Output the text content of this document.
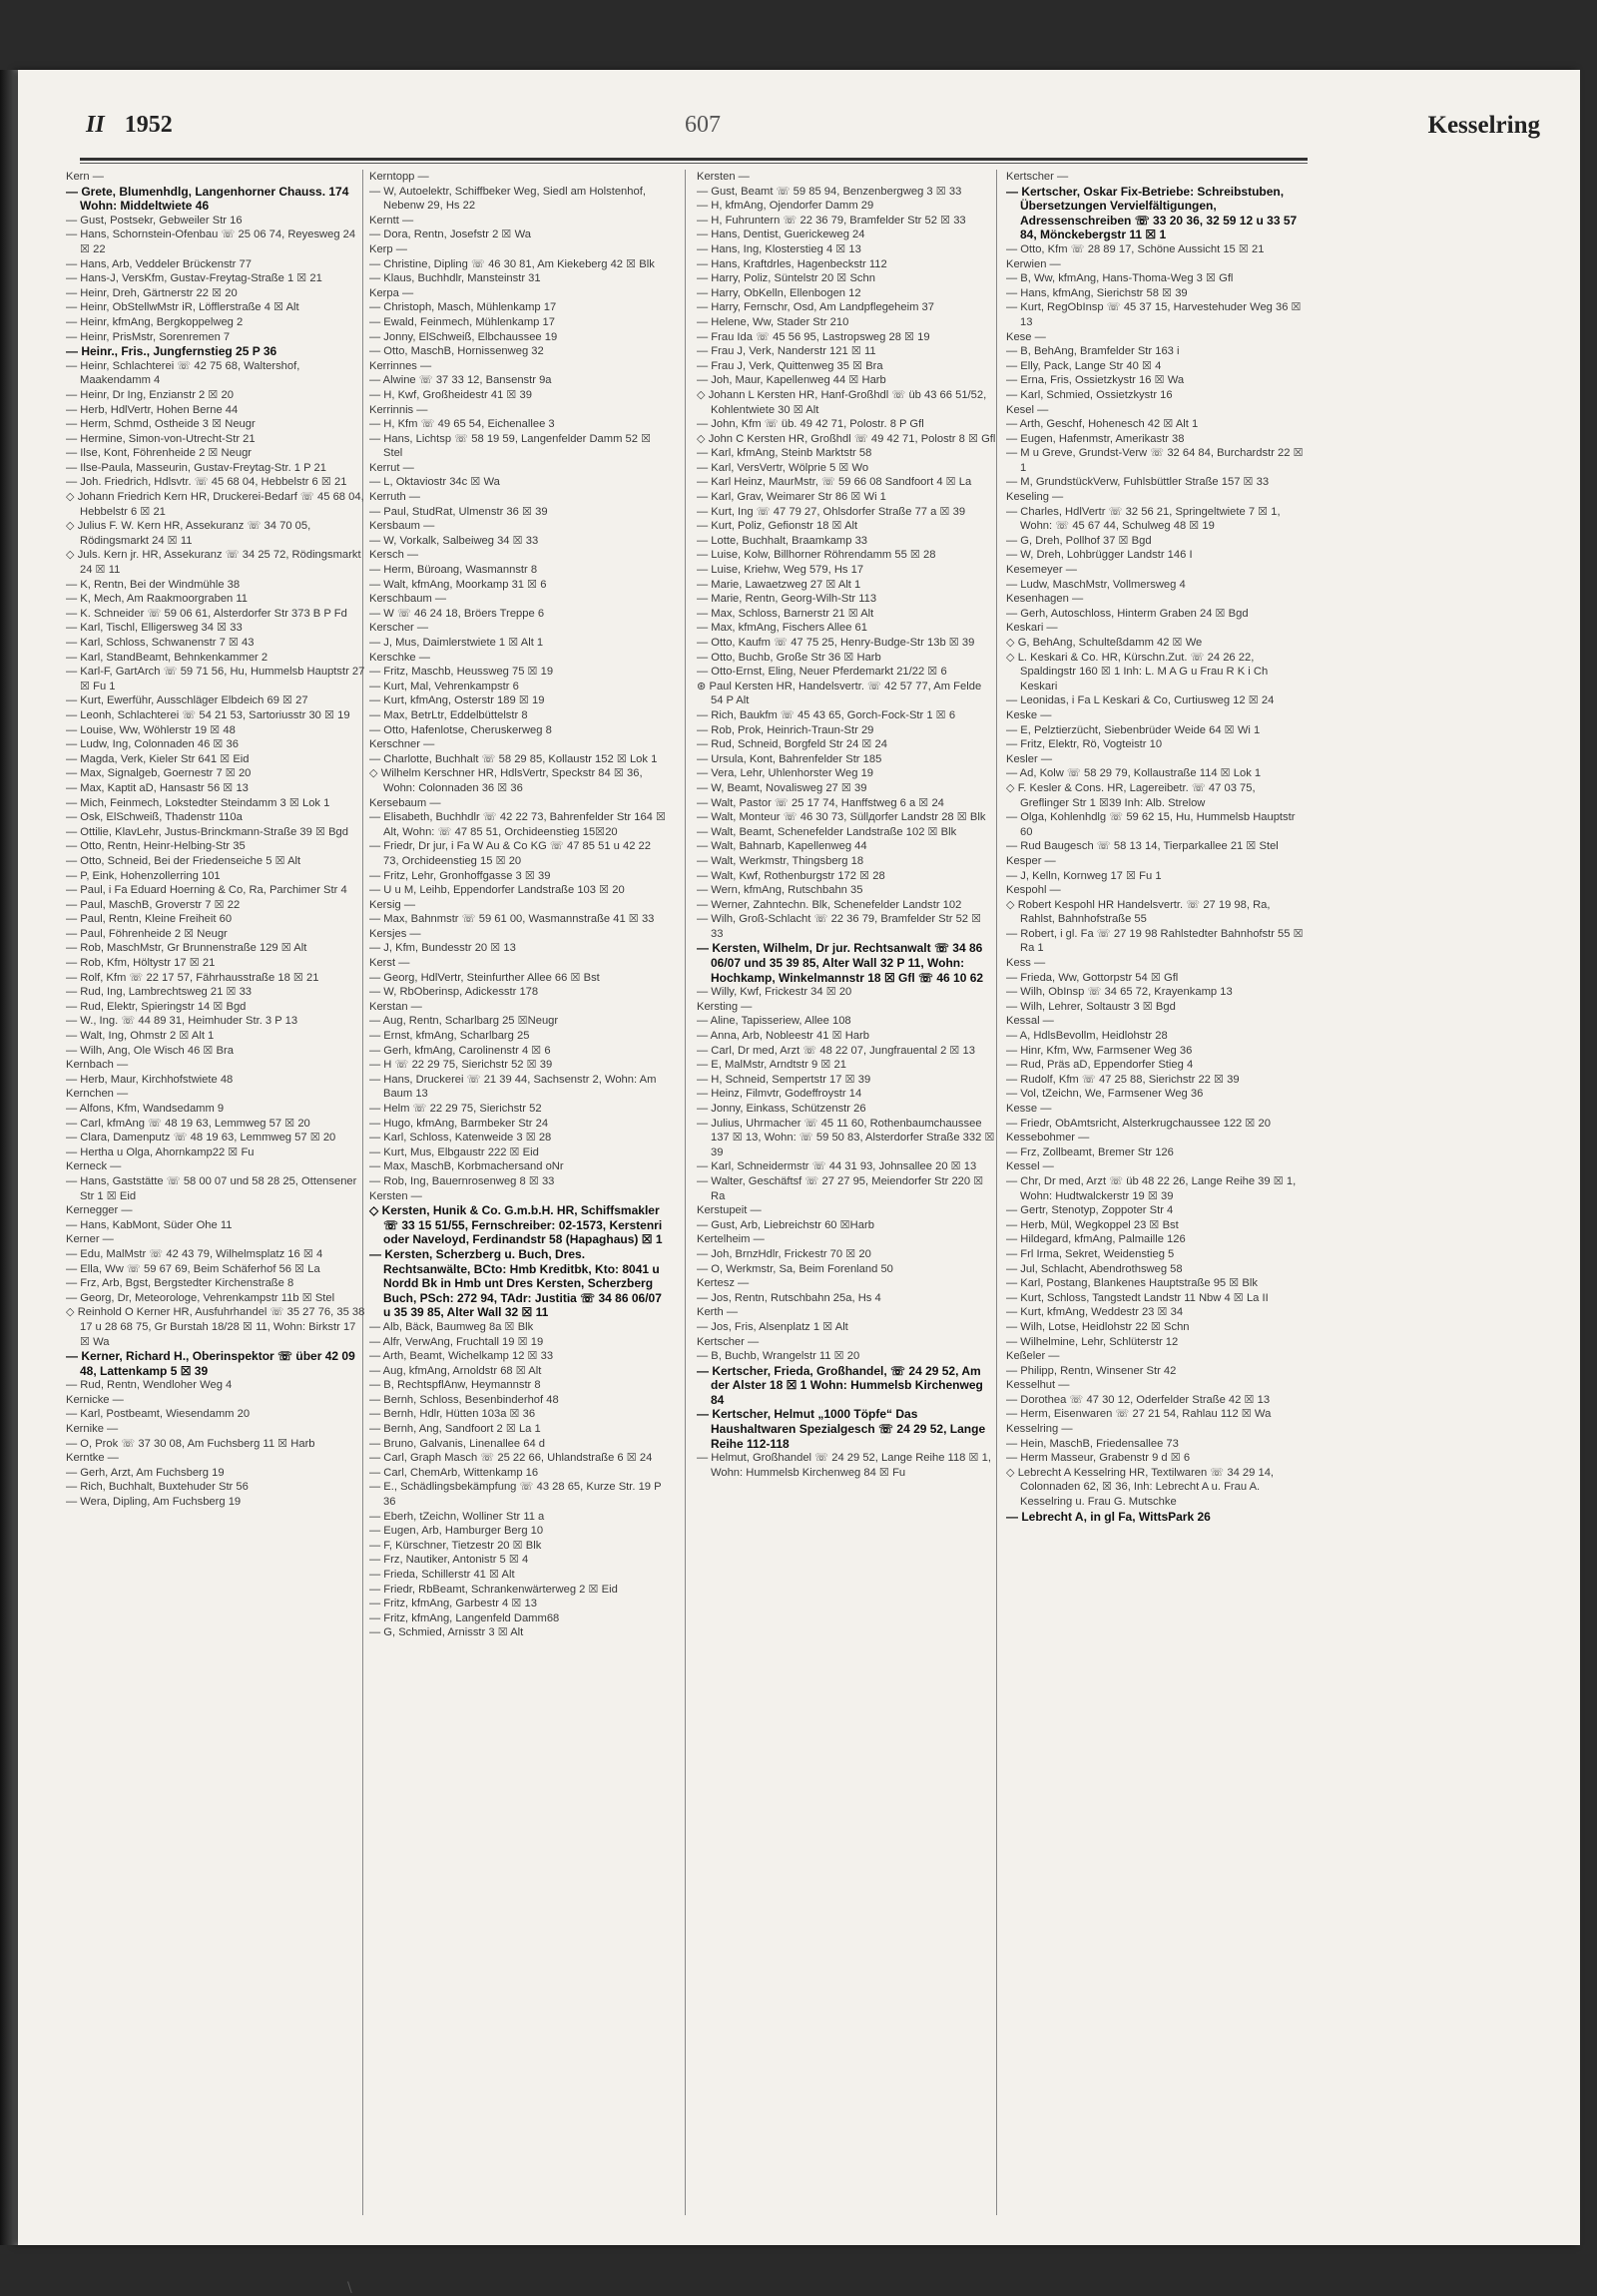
II 1952	607	Kesselring

Kern —

— Grete, Blumenhdlg, Langenhorner Chauss. 174 Wohn: Middeltwiete 46

— Gust, Postsekr, Gebweiler Str 16

— Hans, Schornstein-Ofenbau ☏ 25 06 74, Reyesweg 24 ☒ 22

— Hans, Arb, Veddeler Brückenstr 77

— Hans-J, VersKfm, Gustav-Freytag-Straße 1 ☒ 21

— Heinr, Dreh, Gärtnerstr 22 ☒ 20

— Heinr, ObStellwMstr iR, Löfflerstraße 4 ☒ Alt

— Heinr, kfmAng, Bergkoppelweg 2

— Heinr, PrisMstr, Sorenremen 7

— Heinr., Fris., Jungfernstieg 25 P 36

— Heinr, Schlachterei ☏ 42 75 68, Waltershof, Maakendamm 4

— Heinr, Dr Ing, Enzianstr 2 ☒ 20

— Herb, HdlVertr, Hohen Berne 44

— Herm, Schmd, Ostheide 3 ☒ Neugr

— Hermine, Simon-von-Utrecht-Str 21

— Ilse, Kont, Föhrenheide 2 ☒ Neugr

— Ilse-Paula, Masseurin, Gustav-Freytag-Str. 1 P 21

— Joh. Friedrich, Hdlsvtr. ☏ 45 68 04, Hebbelstr 6 ☒ 21

◇ Johann Friedrich Kern HR, Druckerei-Bedarf ☏ 45 68 04, Hebbelstr 6 ☒ 21

◇ Julius F. W. Kern HR, Assekuranz ☏ 34 70 05, Rödingsmarkt 24 ☒ 11

◇ Juls. Kern jr. HR, Assekuranz ☏ 34 25 72, Rödingsmarkt 24 ☒ 11

— K, Rentn, Bei der Windmühle 38

— K, Mech, Am Raakmoorgraben 11

— K. Schneider ☏ 59 06 61, Alsterdorfer Str 373 B P Fd

— Karl, Tischl, Elligersweg 34 ☒ 33

— Karl, Schloss, Schwanenstr 7 ☒ 43

— Karl, StandBeamt, Behnkenkammer 2

— Karl-F, GartArch ☏ 59 71 56, Hu, Hummelsb Hauptstr 27 ☒ Fu 1

— Kurt, Ewerführ, Ausschläger Elbdeich 69 ☒ 27

— Leonh, Schlachterei ☏ 54 21 53, Sartoriusstr 30 ☒ 19

— Louise, Ww, Wöhlerstr 19 ☒ 48

— Ludw, Ing, Colonnaden 46 ☒ 36

— Magda, Verk, Kieler Str 641 ☒ Eid

— Max, Signalgeb, Goernestr 7 ☒ 20

— Max, Kaptit aD, Hansastr 56 ☒ 13

— Mich, Feinmech, Lokstedter Steindamm 3 ☒ Lok 1

— Osk, ElSchweiß, Thadenstr 110a

— Ottilie, KlavLehr, Justus-Brinckmann-Straße 39 ☒ Bgd

— Otto, Rentn, Heinr-Helbing-Str 35

— Otto, Schneid, Bei der Friedenseiche 5 ☒ Alt

— P, Eink, Hohenzollerring 101

— Paul, i Fa Eduard Hoerning & Co, Ra, Parchimer Str 4

— Paul, MaschB, Groverstr 7 ☒ 22

— Paul, Rentn, Kleine Freiheit 60

— Paul, Föhrenheide 2 ☒ Neugr

— Rob, MaschMstr, Gr Brunnenstraße 129 ☒ Alt

— Rob, Kfm, Höltystr 17 ☒ 21

— Rolf, Kfm ☏ 22 17 57, Fährhausstraße 18 ☒ 21

— Rud, Ing, Lambrechtsweg 21 ☒ 33

— Rud, Elektr, Spieringstr 14 ☒ Bgd

— W., Ing. ☏ 44 89 31, Heimhuder Str. 3 P 13

— Walt, Ing, Ohmstr 2 ☒ Alt 1

— Wilh, Ang, Ole Wisch 46 ☒ Bra

Kernbach —

— Herb, Maur, Kirchhofstwiete 48

Kernchen —

— Alfons, Kfm, Wandsedamm 9

— Carl, kfmAng ☏ 48 19 63, Lemmweg 57 ☒ 20

— Clara, Damenputz ☏ 48 19 63, Lemmweg 57 ☒ 20

— Hertha u Olga, Ahornkamp22 ☒ Fu

Kerneck —

— Hans, Gaststätte ☏ 58 00 07 und 58 28 25, Ottensener Str 1 ☒ Eid

Kernegger —

— Hans, KabMont, Süder Ohe 11

Kerner —

— Edu, MalMstr ☏ 42 43 79, Wilhelmsplatz 16 ☒ 4

— Ella, Ww ☏ 59 67 69, Beim Schäferhof 56 ☒ La

— Frz, Arb, Bgst, Bergstedter Kirchenstraße 8

— Georg, Dr, Meteorologe, Vehrenkampstr 11b ☒ Stel

◇ Reinhold O Kerner HR, Ausfuhrhandel ☏ 35 27 76, 35 38 17 u 28 68 75, Gr Burstah 18/28 ☒ 11, Wohn: Birkstr 17 ☒ Wa

— Kerner, Richard H., Oberinspektor ☏ über 42 09 48, Lattenkamp 5 ☒ 39

— Rud, Rentn, Wendloher Weg 4

Kernicke —

— Karl, Postbeamt, Wiesendamm 20

Kernike —

— O, Prok ☏ 37 30 08, Am Fuchsberg 11 ☒ Harb

Kerntke —

— Gerh, Arzt, Am Fuchsberg 19

— Rich, Buchhalt, Buxtehuder Str 56

— Wera, Dipling, Am Fuchsberg 19

Kerntopp —

— W, Autoelektr, Schiffbeker Weg, Siedl am Holstenhof, Nebenw 29, Hs 22

Kerntt —

— Dora, Rentn, Josefstr 2 ☒ Wa

Kerp —

— Christine, Dipling ☏ 46 30 81, Am Kiekeberg 42 ☒ Blk

— Klaus, Buchhdlr, Mansteinstr 31

Kerpa —

— Christoph, Masch, Mühlenkamp 17

— Ewald, Feinmech, Mühlenkamp 17

— Jonny, ElSchweiß, Elbchaussee 19

— Otto, MaschB, Hornissenweg 32

Kerrinnes —

— Alwine ☏ 37 33 12, Bansenstr 9a

— H, Kwf, Großheidestr 41 ☒ 39

Kerrinnis —

— H, Kfm ☏ 49 65 54, Eichenallee 3

— Hans, Lichtsp ☏ 58 19 59, Langenfelder Damm 52 ☒ Stel

Kerrut —

— L, Oktaviostr 34c ☒ Wa

Kerruth —

— Paul, StudRat, Ulmenstr 36 ☒ 39

Kersbaum —

— W, Vorkalk, Salbeiweg 34 ☒ 33

Kersch —

— Herm, Büroang, Wasmannstr 8

— Walt, kfmAng, Moorkamp 31 ☒ 6

Kerschbaum —

— W ☏ 46 24 18, Bröers Treppe 6

Kerscher —

— J, Mus, Daimlerstwiete 1 ☒ Alt 1

Kerschke —

— Fritz, Maschb, Heussweg 75 ☒ 19

— Kurt, Mal, Vehrenkampstr 6

— Kurt, kfmAng, Osterstr 189 ☒ 19

— Max, BetrLtr, Eddelbüttelstr 8

— Otto, Hafenlotse, Cheruskerweg 8

Kerschner —

— Charlotte, Buchhalt ☏ 58 29 85, Kollaustr 152 ☒ Lok 1

◇ Wilhelm Kerschner HR, HdlsVertr, Speckstr 84 ☒ 36, Wohn: Colonnaden 36 ☒ 36

Kersebaum —

— Elisabeth, Buchhdlr ☏ 42 22 73, Bahrenfelder Str 164 ☒ Alt, Wohn: ☏ 47 85 51, Orchideenstieg 15☒20

— Friedr, Dr jur, i Fa W Au & Co KG ☏ 47 85 51 u 42 22 73, Orchideenstieg 15 ☒ 20

— Fritz, Lehr, Gronhoffgasse 3 ☒ 39

— U u M, Leihb, Eppendorfer Landstraße 103 ☒ 20

Kersig —

— Max, Bahnmstr ☏ 59 61 00, Wasmannstraße 41 ☒ 33

Kersjes —

— J, Kfm, Bundesstr 20 ☒ 13

Kerst —

— Georg, HdlVertr, Steinfurther Allee 66 ☒ Bst

— W, RbOberinsp, Adickesstr 178

Kerstan —

— Aug, Rentn, Scharlbarg 25 ☒Neugr

— Ernst, kfmAng, Scharlbarg 25

— Gerh, kfmAng, Carolinenstr 4 ☒ 6

— H ☏ 22 29 75, Sierichstr 52 ☒ 39

— Hans, Druckerei ☏ 21 39 44, Sachsenstr 2, Wohn: Am Baum 13

— Helm ☏ 22 29 75, Sierichstr 52

— Hugo, kfmAng, Barmbeker Str 24

— Karl, Schloss, Katenweide 3 ☒ 28

— Kurt, Mus, Elbgaustr 222 ☒ Eid

— Max, MaschB, Korbmachersand oNr

— Rob, Ing, Bauernrosenweg 8 ☒ 33

Kersten —

◇ Kersten, Hunik & Co. G.m.b.H. HR, Schiffsmakler ☏ 33 15 51/55, Fernschreiber: 02-1573, Kerstenri oder Naveloyd, Ferdinandstr 58 (Hapaghaus) ☒ 1

— Kersten, Scherzberg u. Buch, Dres. Rechtsanwälte, BCto: Hmb Kreditbk, Kto: 8041 u Nordd Bk in Hmb unt Dres Kersten, Scherzberg Buch, PSch: 272 94, TAdr: Justitia ☏ 34 86 06/07 u 35 39 85, Alter Wall 32 ☒ 11

— Alb, Bäck, Baumweg 8a ☒ Blk

— Alfr, VerwAng, Fruchtall 19 ☒ 19

— Arth, Beamt, Wichelkamp 12 ☒ 33

— Aug, kfmAng, Arnoldstr 68 ☒ Alt

— B, RechtspflAnw, Heymannstr 8

— Bernh, Schloss, Besenbinderhof 48

— Bernh, Hdlr, Hütten 103a ☒ 36

— Bernh, Ang, Sandfoort 2 ☒ La 1

— Bruno, Galvanis, Linenallee 64 d

— Carl, Graph Masch ☏ 25 22 66, Uhlandstraße 6 ☒ 24

— Carl, ChemArb, Wittenkamp 16

— E., Schädlingsbekämpfung ☏ 43 28 65, Kurze Str. 19 P 36

— Eberh, tZeichn, Wollinег Str 11 a

— Eugen, Arb, Hamburger Berg 10

— F, Kürschner, Tietzestr 20 ☒ Blk

— Frz, Nautiker, Antonistr 5 ☒ 4

— Frieda, Schillerstr 41 ☒ Alt

— Friedr, RbBeamt, Schrankenwärterweg 2 ☒ Eid

— Fritz, kfmAng, Garbestr 4 ☒ 13

— Fritz, kfmAng, Langenfeld Damm68

— G, Schmied, Arnisstr 3 ☒ Alt

Kersten —

— Gust, Beamt ☏ 59 85 94, Benzenbergweg 3 ☒ 33

— H, kfmAng, Ojendorfer Damm 29

— H, Fuhruntern ☏ 22 36 79, Bramfelder Str 52 ☒ 33

— Hans, Dentist, Guerickeweg 24

— Hans, Ing, Klosterstieg 4 ☒ 13

— Hans, Kraftdrles, Hagenbeckstr 112

— Harry, Poliz, Süntelstr 20 ☒ Schn

— Harry, ObKelln, Ellenbogen 12

— Harry, Fernschr, Osd, Am Landpflegeheim 37

— Helene, Ww, Stader Str 210

— Frau Ida ☏ 45 56 95, Lastropsweg 28 ☒ 19

— Frau J, Verk, Nanderstr 121 ☒ 11

— Frau J, Verk, Quittenweg 35 ☒ Bra

— Joh, Maur, Kapellenweg 44 ☒ Harb

◇ Johann L Kersten HR, Hanf-Großhdl ☏ üb 43 66 51/52, Kohlentwiete 30 ☒ Alt

— John, Kfm ☏ üb. 49 42 71, Polostr. 8 P Gfl

◇ John C Kersten HR, Großhdl ☏ 49 42 71, Polostr 8 ☒ Gfl

— Karl, kfmAng, Steinb Marktstr 58

— Karl, VersVertr, Wölprie 5 ☒ Wo

— Karl Heinz, MaurMstr, ☏ 59 66 08 Sandfoort 4 ☒ La

— Karl, Grav, Weimarer Str 86 ☒ Wi 1

— Kurt, Ing ☏ 47 79 27, Ohlsdorfer Straße 77 a ☒ 39

— Kurt, Poliz, Gefionstr 18 ☒ Alt

— Lotte, Buchhalt, Braamkamp 33

— Luise, Kolw, Billhorner Röhrendamm 55 ☒ 28

— Luise, Kriehw, Weg 579, Hs 17

— Marie, Lawaetzweg 27 ☒ Alt 1

— Marie, Rentn, Georg-Wilh-Str 113

— Max, Schloss, Barnerstr 21 ☒ Alt

— Max, kfmAng, Fischers Allee 61

— Otto, Kaufm ☏ 47 75 25, Henry-Budge-Str 13b ☒ 39

— Otto, Buchb, Große Str 36 ☒ Harb

— Otto-Ernst, Eling, Neuer Pferdemarkt 21/22 ☒ 6

⊛ Paul Kersten HR, Handelsvertr. ☏ 42 57 77, Am Felde 54 P Alt

— Rich, Baukfm ☏ 45 43 65, Gorch-Fock-Str 1 ☒ 6

— Rob, Prok, Heinrich-Traun-Str 29

— Rud, Schneid, Borgfeld Str 24 ☒ 24

— Ursula, Kont, Bahrenfelder Str 185

— Vera, Lehr, Uhlenhorster Weg 19

— W, Beamt, Novalisweg 27 ☒ 39

— Walt, Pastor ☏ 25 17 74, Hanffstweg 6 a ☒ 24

— Walt, Monteur ☏ 46 30 73, Süllдorfer Landstr 28 ☒ Blk

— Walt, Beamt, Schenefelder Landstraße 102 ☒ Blk

— Walt, Bahnarb, Kapellenweg 44

— Walt, Werkmstr, Thingsberg 18

— Walt, Kwf, Rothenburgstr 172 ☒ 28

— Wern, kfmAng, Rutschbahn 35

— Werner, Zahntechn. Blk, Schenefelder Landstr 102

— Wilh, Groß-Schlacht ☏ 22 36 79, Bramfelder Str 52 ☒ 33

— Kersten, Wilhelm, Dr jur. Rechtsanwalt ☏ 34 86 06/07 und 35 39 85, Alter Wall 32 P 11, Wohn: Hochkamp, Winkelmannstr 18 ☒ Gfl ☏ 46 10 62

— Willy, Kwf, Frickestr 34 ☒ 20

Kersting —

— Aline, Tapisseriew, Allee 108

— Anna, Arb, Nobleestr 41 ☒ Harb

— Carl, Dr med, Arzt ☏ 48 22 07, Jungfrauental 2 ☒ 13

— E, MalMstr, Arndtstr 9 ☒ 21

— H, Schneid, Sempertstr 17 ☒ 39

— Heinz, Filmvtr, Godeffroystr 14

— Jonny, Einkass, Schützenstr 26

— Julius, Uhrmacher ☏ 45 11 60, Rothenbaumchaussee 137 ☒ 13, Wohn: ☏ 59 50 83, Alsterdorfer Straße 332 ☒ 39

— Karl, Schneidermstr ☏ 44 31 93, Johnsallee 20 ☒ 13

— Walter, Geschäftsf ☏ 27 27 95, Meiendorfer Str 220 ☒ Ra

Kerstupeit —

— Gust, Arb, Liebreichstr 60 ☒Harb

Kertelheim —

— Joh, BrnzHdlr, Frickestr 70 ☒ 20

— O, Werkmstr, Sa, Beim Forenland 50

Kertesz —

— Jos, Rentn, Rutschbahn 25a, Hs 4

Kerth —

— Jos, Fris, Alsenplatz 1 ☒ Alt

Kertscher —

— B, Buchb, Wrangelstr 11 ☒ 20

— Kertscher, Frieda, Großhandel, ☏ 24 29 52, Am der Alster 18 ☒ 1 Wohn: Hummelsb Kirchenweg 84

— Kertscher, Helmut „1000 Töpfe“ Das Haushaltwaren Spezialgesch ☏ 24 29 52, Lange Reihe 112-118

— Helmut, Großhandel ☏ 24 29 52, Lange Reihe 118 ☒ 1, Wohn: Hummelsb Kirchenweg 84 ☒ Fu

Kertscher —

— Kertscher, Oskar Fix-Betriebe: Schreibstuben, Übersetzungen Vervielfältigungen, Adressenschreiben ☏ 33 20 36, 32 59 12 u 33 57 84, Mönckebergstr 11 ☒ 1

— Otto, Kfm ☏ 28 89 17, Schöne Aussicht 15 ☒ 21

Kerwien —

— B, Ww, kfmAng, Hans-Thoma-Weg 3 ☒ Gfl

— Hans, kfmAng, Sierichstr 58 ☒ 39

— Kurt, RegObInsp ☏ 45 37 15, Harvestehuder Weg 36 ☒ 13

Kese —

— B, BehAng, Bramfelder Str 163 i

— Elly, Pack, Lange Str 40 ☒ 4

— Erna, Fris, Ossietzkystr 16 ☒ Wa

— Karl, Schmied, Ossietzkystr 16

Kesel —

— Arth, Geschf, Hohenesch 42 ☒ Alt 1

— Eugen, Hafenmstr, Amerikastr 38

— M u Greve, Grundst-Verw ☏ 32 64 84, Burchardstr 22 ☒ 1

— M, GrundstückVerw, Fuhlsbüttler Straße 157 ☒ 33

Keseling —

— Charles, HdlVertr ☏ 32 56 21, Springeltwiete 7 ☒ 1, Wohn: ☏ 45 67 44, Schulweg 48 ☒ 19

— G, Dreh, Pollhof 37 ☒ Bgd

— W, Dreh, Lohbrügger Landstr 146 I

Kesemeyer —

— Ludw, MaschMstr, Vollmersweg 4

Kesenhagen —

— Gerh, Autoschloss, Hinterm Graben 24 ☒ Bgd

Keskari —

◇ G, BehAng, Schulteßdamm 42 ☒ We

◇ L. Keskari & Co. HR, Kürschn.Zut. ☏ 24 26 22, Spaldingstr 160 ☒ 1 Inh: L. M A G u Frau R K i Ch Keskari

— Leonidas, i Fa L Keskari & Co, Curtiusweg 12 ☒ 24

Keske —

— E, Pelztierzücht, Siebenbrüder Weide 64 ☒ Wi 1

— Fritz, Elektr, Rö, Vogteistr 10

Kesler —

— Ad, Kolw ☏ 58 29 79, Kollaustraße 114 ☒ Lok 1

◇ F. Kesler & Cons. HR, Lagereibetr. ☏ 47 03 75, Greflinger Str 1 ☒39 Inh: Alb. Strelow

— Olga, Kohlenhdlg ☏ 59 62 15, Hu, Hummelsb Hauptstr 60

— Rud Baugesch ☏ 58 13 14, Tierparkallee 21 ☒ Stel

Kesper —

— J, Kelln, Kornweg 17 ☒ Fu 1

Kespohl —

◇ Robert Kespohl HR Handelsvertr. ☏ 27 19 98, Ra, Rahlst, Bahnhofstraße 55

— Robert, i gl. Fa ☏ 27 19 98 Rahlstedter Bahnhofstr 55 ☒ Ra 1

Kess —

— Frieda, Ww, Gottorpstr 54 ☒ Gfl

— Wilh, ObInsp ☏ 34 65 72, Krayenkamp 13

— Wilh, Lehrer, Soltaustr 3 ☒ Bgd

Kessal —

— A, HdlsBevollm, Heidlohstr 28

— Hinr, Kfm, Ww, Farmsener Weg 36

— Rud, Präs aD, Eppendorfer Stieg 4

— Rudolf, Kfm ☏ 47 25 88, Sierichstr 22 ☒ 39

— Vol, tZeichn, We, Farmsener Weg 36

Kesse —

— Friedr, ObAmtsricht, Alsterkrugchaussee 122 ☒ 20

Kessebohmer —

— Frz, Zollbeamt, Bremer Str 126

Kessel —

— Chr, Dr med, Arzt ☏ üb 48 22 26, Lange Reihe 39 ☒ 1, Wohn: Hudtwalckerstr 19 ☒ 39

— Gertr, Stenotyp, Zoppoter Str 4

— Herb, Mül, Wegkoppel 23 ☒ Bst

— Hildegard, kfmAng, Palmaille 126

— Frl Irma, Sekret, Weidenstieg 5

— Jul, Schlacht, Abendrothsweg 58

— Karl, Postang, Blankenes Hauptstraße 95 ☒ Blk

— Kurt, Schloss, Tangstedt Landstr 11 Nbw 4 ☒ La II

— Kurt, kfmAng, Weddestr 23 ☒ 34

— Wilh, Lotse, Heidlohstr 22 ☒ Schn

— Wilhelmine, Lehr, Schlüterstr 12

Keßeler —

— Philipp, Rentn, Winsener Str 42

Kesselhut —

— Dorothea ☏ 47 30 12, Oderfelder Straße 42 ☒ 13

— Herm, Eisenwaren ☏ 27 21 54, Rahlau 112 ☒ Wa

Kesselring —

— Hein, MaschB, Friedensallee 73

— Herm Masseur, Grabenstr 9 d ☒ 6

◇ Lebrecht A Kesselring HR, Textilwaren ☏ 34 29 14, Colonnaden 62, ☒ 36, Inh: Lebrecht A u. Frau A. Kesselring u. Frau G. Mutschke

— Lebrecht A, in gl Fa, WittsPark 26

\
